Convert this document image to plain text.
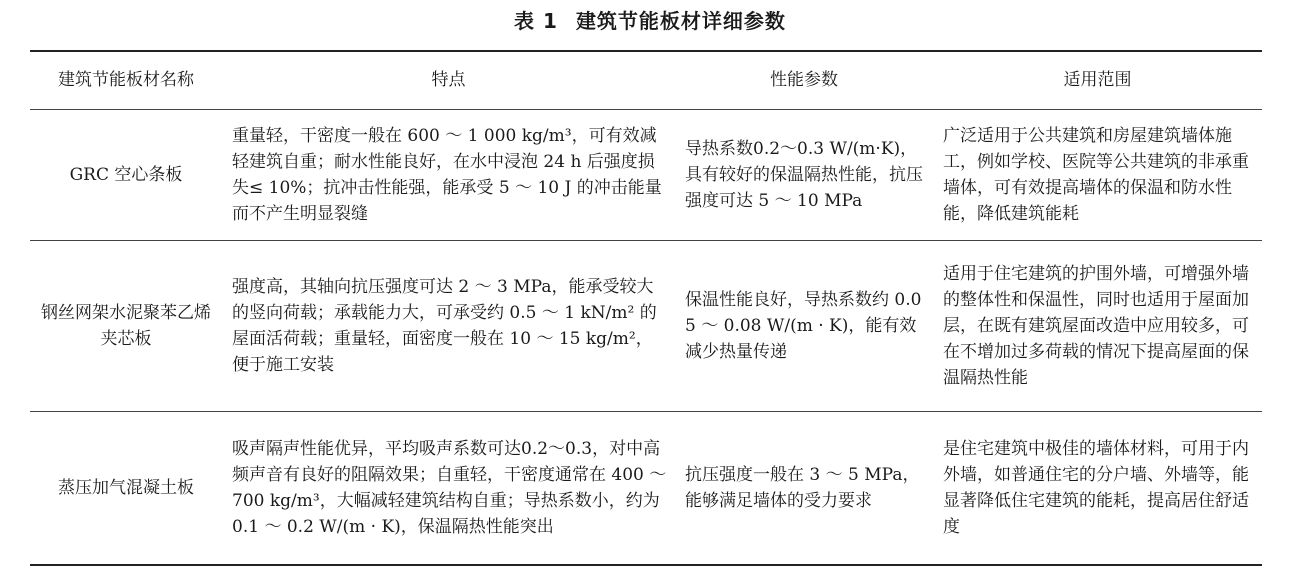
表 1 建筑节能板材详细参数
建筑节能板材名称	特点	性能参数	适用范围
GRC 空心条板	重量轻，干密度一般在 600 ～ 1 000 kg/m³，可有效减轻建筑自重；耐水性能良好，在水中浸泡 24 h 后强度损失≤ 10%；抗冲击性能强，能承受 5 ～ 10 J 的冲击能量而不产生明显裂缝	导热系数0.2～0.3 W/(m·K)，具有较好的保温隔热性能，抗压强度可达 5 ～ 10 MPa	广泛适用于公共建筑和房屋建筑墙体施工，例如学校、医院等公共建筑的非承重墙体，可有效提高墙体的保温和防水性能，降低建筑能耗
钢丝网架水泥聚苯乙烯夹芯板	强度高，其轴向抗压强度可达 2 ～ 3 MPa，能承受较大的竖向荷载；承载能力大，可承受约 0.5 ～ 1 kN/m² 的屋面活荷载；重量轻，面密度一般在 10 ～ 15 kg/m²，便于施工安装	保温性能良好，导热系数约 0.05 ～ 0.08 W/(m · K)，能有效减少热量传递	适用于住宅建筑的护围外墙，可增强外墙的整体性和保温性，同时也适用于屋面加层，在既有建筑屋面改造中应用较多，可在不增加过多荷载的情况下提高屋面的保温隔热性能
蒸压加气混凝土板	吸声隔声性能优异，平均吸声系数可达0.2～0.3，对中高频声音有良好的阻隔效果；自重轻，干密度通常在 400 ～ 700 kg/m³，大幅减轻建筑结构自重；导热系数小，约为 0.1 ～ 0.2 W/(m · K)，保温隔热性能突出	抗压强度一般在 3 ～ 5 MPa，能够满足墙体的受力要求	是住宅建筑中极佳的墙体材料，可用于内外墙，如普通住宅的分户墙、外墙等，能显著降低住宅建筑的能耗，提高居住舒适度
